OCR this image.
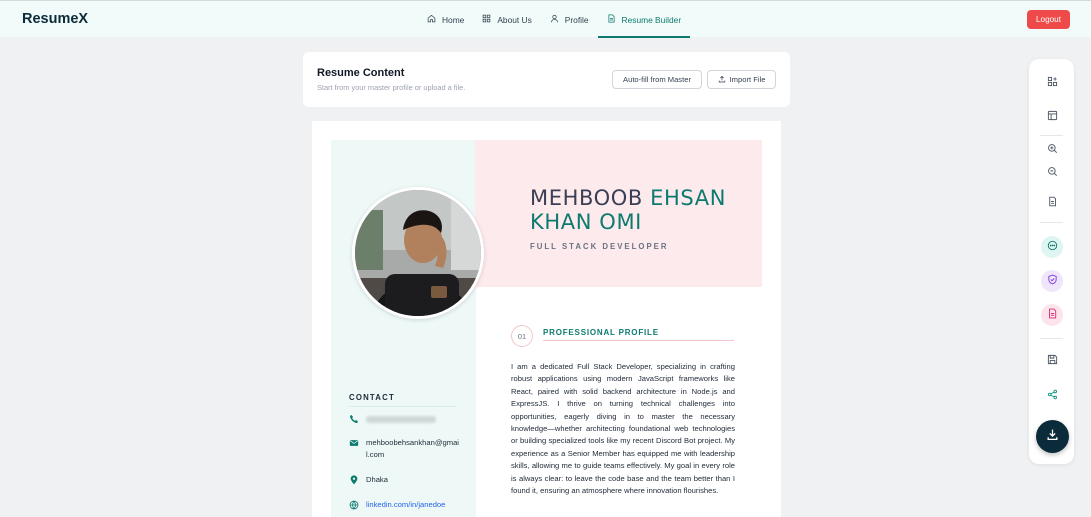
ResumeX	Home	About Us	Profile	Resume Builder	Logout
Resume Content
Start from your master profile or upload a file.
Auto-fill from Master	Import File
MEHBOOB EHSAN
KHAN OMI
FULL STACK DEVELOPER
01	PROFESSIONAL PROFILE
I am a dedicated Full Stack Developer, specializing in crafting robust applications using modern JavaScript frameworks like React, paired with solid backend architecture in Node.js and ExpressJS. I thrive on turning technical challenges into opportunities, eagerly diving in to master the necessary knowledge—whether architecting foundational web technologies or building specialized tools like my recent Discord Bot project. My experience as a Senior Member has equipped me with leadership skills, allowing me to guide teams effectively. My goal in every role is always clear: to leave the code base and the team better than I found it, ensuring an atmosphere where innovation flourishes.
CONTACT
mehboobehsankhan@gmail.com
Dhaka
linkedin.com/in/janedoe
